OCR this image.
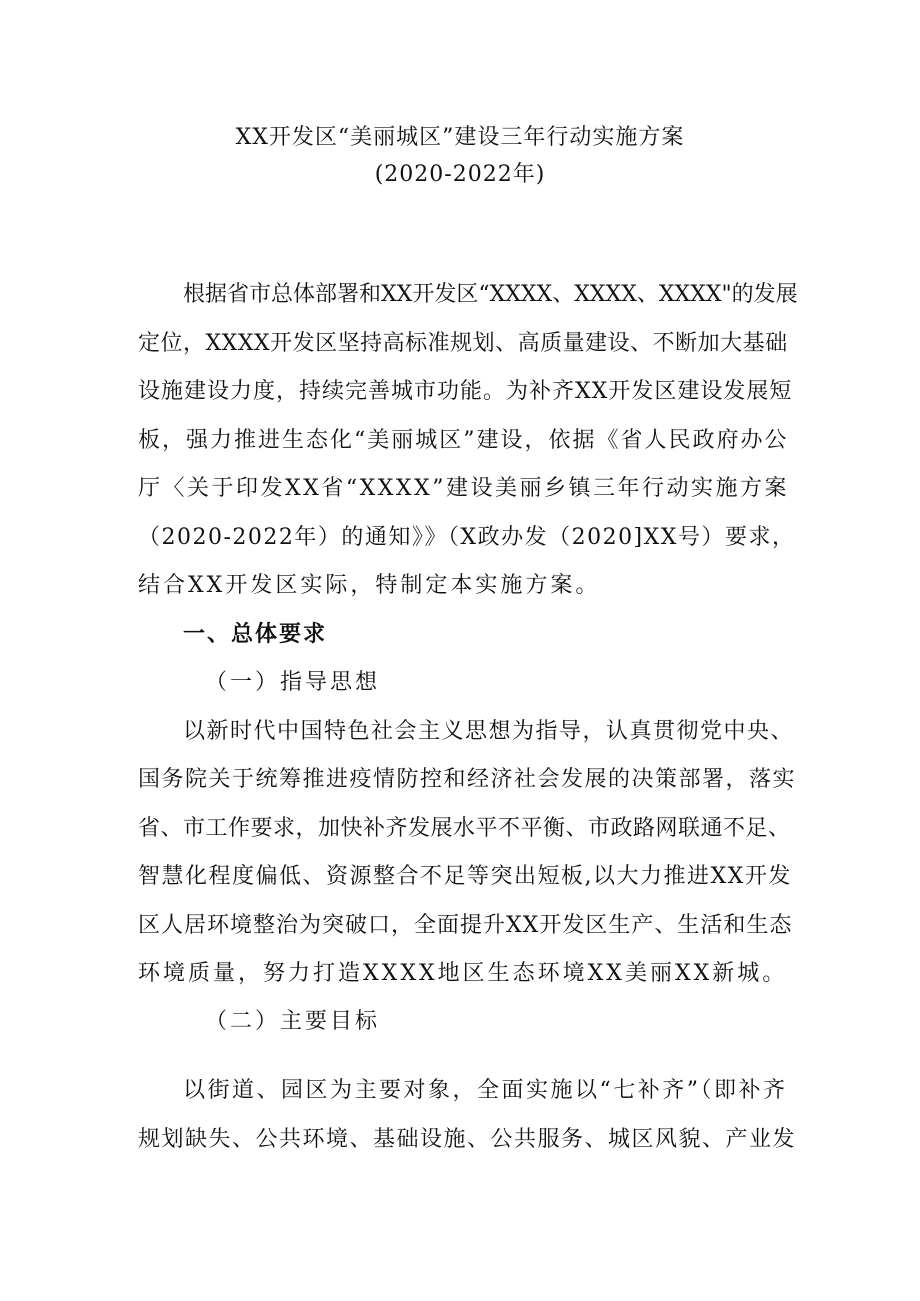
XX开发区“美丽城区”建设三年行动实施方案
(2020-2022年)
根据省市总体部署和XX开发区“XXXX、XXXX、XXXX"的发展
定位，XXXX开发区坚持高标准规划、高质量建设、不断加大基础
设施建设力度，持续完善城市功能。为补齐XX开发区建设发展短
板，强力推进生态化“美丽城区”建设，依据《省人民政府办公
厅〈关于印发XX省“XXXX”建设美丽乡镇三年行动实施方案
（2020-2022年）的通知》》（X政办发（2020]XX号）要求，
结合XX开发区实际，特制定本实施方案。
一、总体要求
（一）指导思想
以新时代中国特色社会主义思想为指导，认真贯彻党中央、
国务院关于统筹推进疫情防控和经济社会发展的决策部署，落实
省、市工作要求，加快补齐发展水平不平衡、市政路网联通不足、
智慧化程度偏低、资源整合不足等突出短板,以大力推进XX开发
区人居环境整治为突破口，全面提升XX开发区生产、生活和生态
环境质量，努力打造XXXX地区生态环境XX美丽XX新城。
（二）主要目标
以街道、园区为主要对象，全面实施以“七补齐”（即补齐
规划缺失、公共环境、基础设施、公共服务、城区风貌、产业发
